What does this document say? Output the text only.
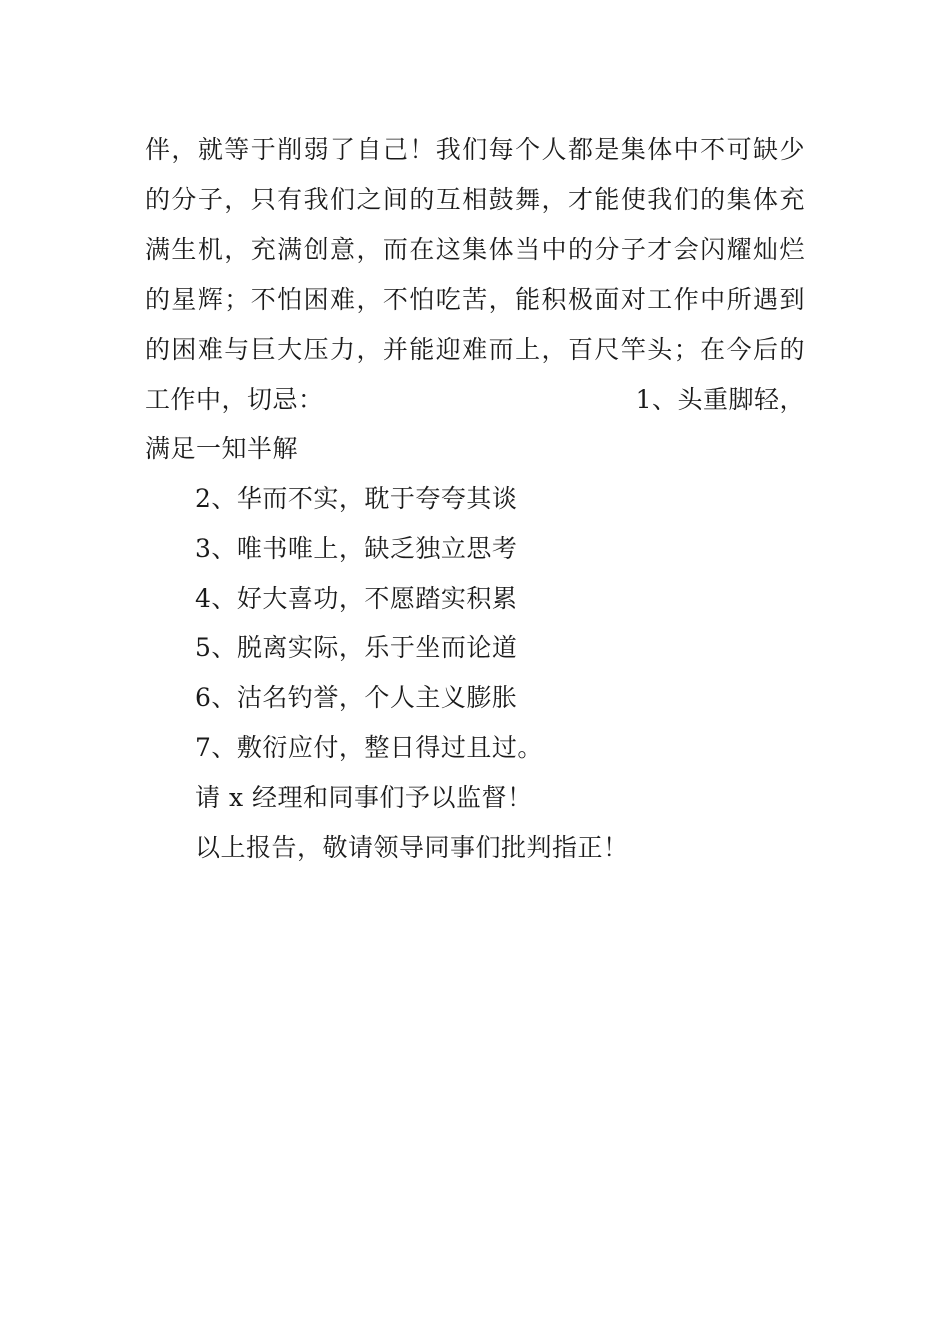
伴，就等于削弱了自己！我们每个人都是集体中不可缺少
的分子，只有我们之间的互相鼓舞，才能使我们的集体充
满生机，充满创意，而在这集体当中的分子才会闪耀灿烂
的星辉；不怕困难，不怕吃苦，能积极面对工作中所遇到
的困难与巨大压力，并能迎难而上，百尺竿头；在今后的
工作中，切忌：	1、头重脚轻，
满足一知半解
2、华而不实，耽于夸夸其谈
3、唯书唯上，缺乏独立思考
4、好大喜功，不愿踏实积累
5、脱离实际，乐于坐而论道
6、沽名钓誉，个人主义膨胀
7、敷衍应付，整日得过且过。
请 x 经理和同事们予以监督！
以上报告，敬请领导同事们批判指正！
